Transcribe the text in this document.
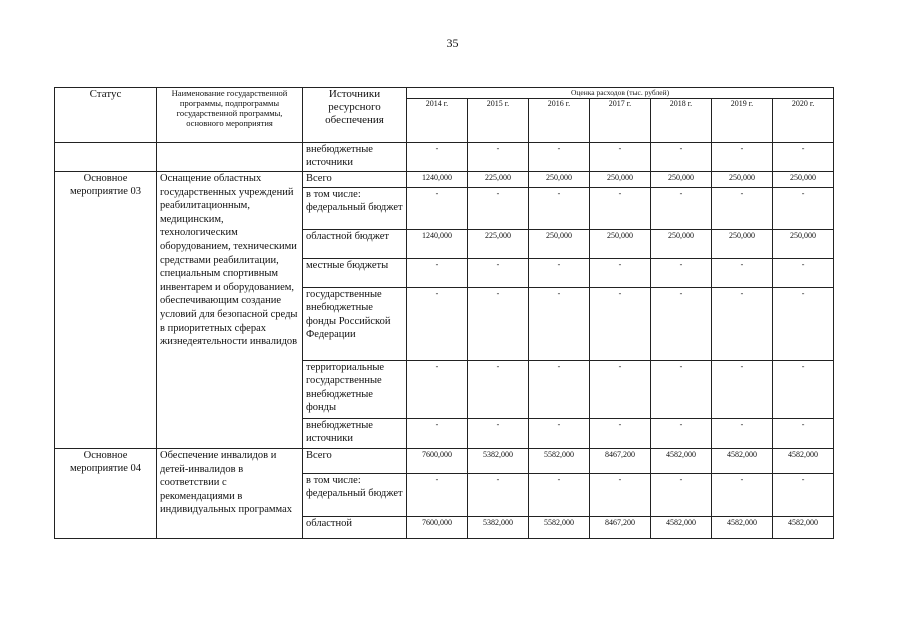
35
Статус	Наименование государственной программы, подпрограммы государственной программы, основного мероприятия	Источники ресурсного обеспечения	Оценка расходов (тыс. рублей)						
			2014 г.	2015 г.	2016 г.	2017 г.	2018 г.	2019 г.	2020 г.
		внебюджетные источники	-	-	-	-	-	-	-
Основное мероприятие 03	Оснащение областных государственных учреждений реабилитационным, медицинским, технологическим оборудованием, техническими средствами реабилитации, специальным спортивным инвентарем и оборудованием, обеспечивающим создание условий для безопасной среды в приоритетных сферах жизнедеятельности инвалидов	Всего	1240,000	225,000	250,000	250,000	250,000	250,000	250,000
		в том числе: федеральный бюджет	-	-	-	-	-	-	-
		областной бюджет	1240,000	225,000	250,000	250,000	250,000	250,000	250,000
		местные бюджеты	-	-	-	-	-	-	-
		государственные внебюджетные фонды Российской Федерации	-	-	-	-	-	-	-
		территориальные государственные внебюджетные фонды	-	-	-	-	-	-	-
		внебюджетные источники	-	-	-	-	-	-	-
Основное мероприятие 04	Обеспечение инвалидов и детей-инвалидов в соответствии с рекомендациями в индивидуальных программах	Всего	7600,000	5382,000	5582,000	8467,200	4582,000	4582,000	4582,000
		в том числе: федеральный бюджет	-	-	-	-	-	-	-
		областной	7600,000	5382,000	5582,000	8467,200	4582,000	4582,000	4582,000
